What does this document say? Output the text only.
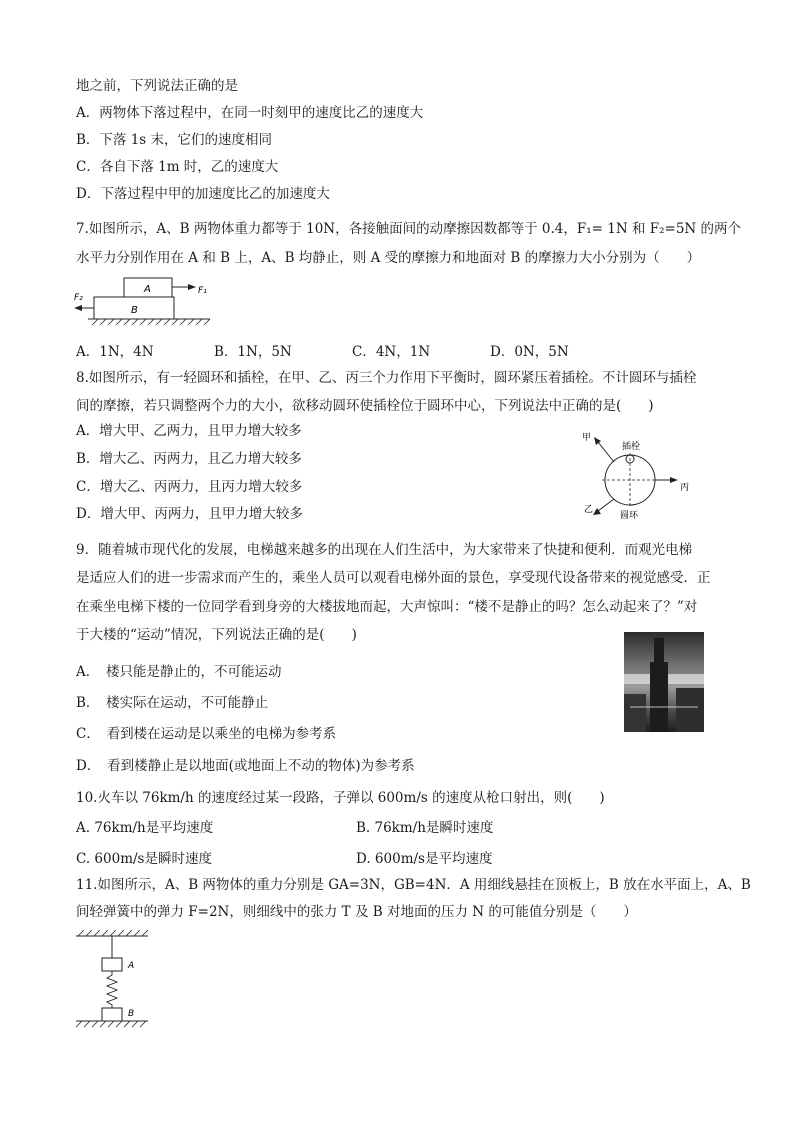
地之前，下列说法正确的是
A．两物体下落过程中，在同一时刻甲的速度比乙的速度大
B．下落 1s 末，它们的速度相同
C．各自下落 1m 时，乙的速度大
D．下落过程中甲的加速度比乙的加速度大
7.如图所示，A、B 两物体重力都等于 10N，各接触面间的动摩擦因数都等于 0.4，F₁= 1N 和 F₂=5N 的两个
水平力分别作用在 A 和 B 上，A、B 均静止，则 A 受的摩擦力和地面对 B 的摩擦力大小分别为（　　）
A
B
F₁
F₂
A．1N，4N	B．1N，5N	C．4N，1N	D．0N，5N
8.如图所示，有一轻圆环和插栓，在甲、乙、丙三个力作用下平衡时，圆环紧压着插栓。不计圆环与插栓
间的摩擦，若只调整两个力的大小，欲移动圆环使插栓位于圆环中心，下列说法中正确的是(　　)
A．增大甲、乙两力，且甲力增大较多
B．增大乙、丙两力，且乙力增大较多
C．增大乙、丙两力，且丙力增大较多
D．增大甲、丙两力，且甲力增大较多
甲
插栓
丙
乙
圆环
9．随着城市现代化的发展，电梯越来越多的出现在人们生活中，为大家带来了快捷和便利．而观光电梯
是适应人们的进一步需求而产生的，乘坐人员可以观看电梯外面的景色，享受现代设备带来的视觉感受．正
在乘坐电梯下楼的一位同学看到身旁的大楼拔地而起，大声惊叫：“楼不是静止的吗？怎么动起来了？”对
于大楼的“运动”情况，下列说法正确的是(　　)
A．　楼只能是静止的，不可能运动
B．　楼实际在运动，不可能静止
C．　看到楼在运动是以乘坐的电梯为参考系
D．　看到楼静止是以地面(或地面上不动的物体)为参考系
10.火车以 76km/h 的速度经过某一段路，子弹以 600m/s 的速度从枪口射出，则(　　)
A. 76km/h是平均速度	B. 76km/h是瞬时速度
C. 600m/s是瞬时速度	D. 600m/s是平均速度
11.如图所示，A、B 两物体的重力分别是 GA=3N，GB=4N．A 用细线悬挂在顶板上，B 放在水平面上，A、B
间轻弹簧中的弹力 F=2N，则细线中的张力 T 及 B 对地面的压力 N 的可能值分别是（　　）
A
B
